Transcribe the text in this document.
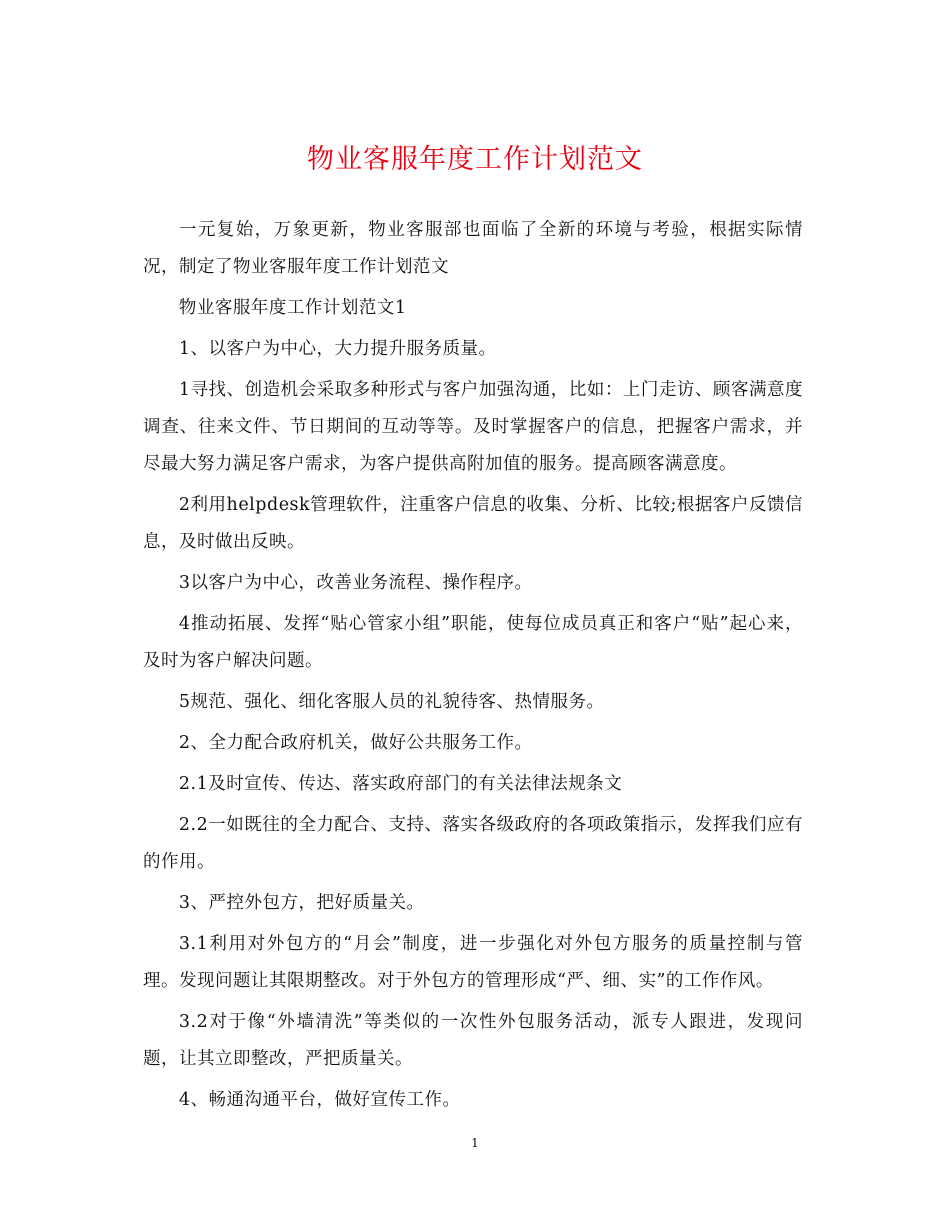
物业客服年度工作计划范文

一元复始，万象更新，物业客服部也面临了全新的环境与考验，根据实际情况，制定了物业客服年度工作计划范文

物业客服年度工作计划范文1

1、以客户为中心，大力提升服务质量。

1寻找、创造机会采取多种形式与客户加强沟通，比如：上门走访、顾客满意度调查、往来文件、节日期间的互动等等。及时掌握客户的信息，把握客户需求，并尽最大努力满足客户需求，为客户提供高附加值的服务。提高顾客满意度。

2利用helpdesk管理软件，注重客户信息的收集、分析、比较;根据客户反馈信息，及时做出反映。

3以客户为中心，改善业务流程、操作程序。

4推动拓展、发挥“贴心管家小组”职能，使每位成员真正和客户“贴”起心来，及时为客户解决问题。

5规范、强化、细化客服人员的礼貌待客、热情服务。

2、全力配合政府机关，做好公共服务工作。

2.1及时宣传、传达、落实政府部门的有关法律法规条文

2.2一如既往的全力配合、支持、落实各级政府的各项政策指示，发挥我们应有的作用。

3、严控外包方，把好质量关。

3.1利用对外包方的“月会”制度，进一步强化对外包方服务的质量控制与管理。发现问题让其限期整改。对于外包方的管理形成“严、细、实”的工作作风。

3.2对于像“外墙清洗”等类似的一次性外包服务活动，派专人跟进，发现问题，让其立即整改，严把质量关。

4、畅通沟通平台，做好宣传工作。

1
